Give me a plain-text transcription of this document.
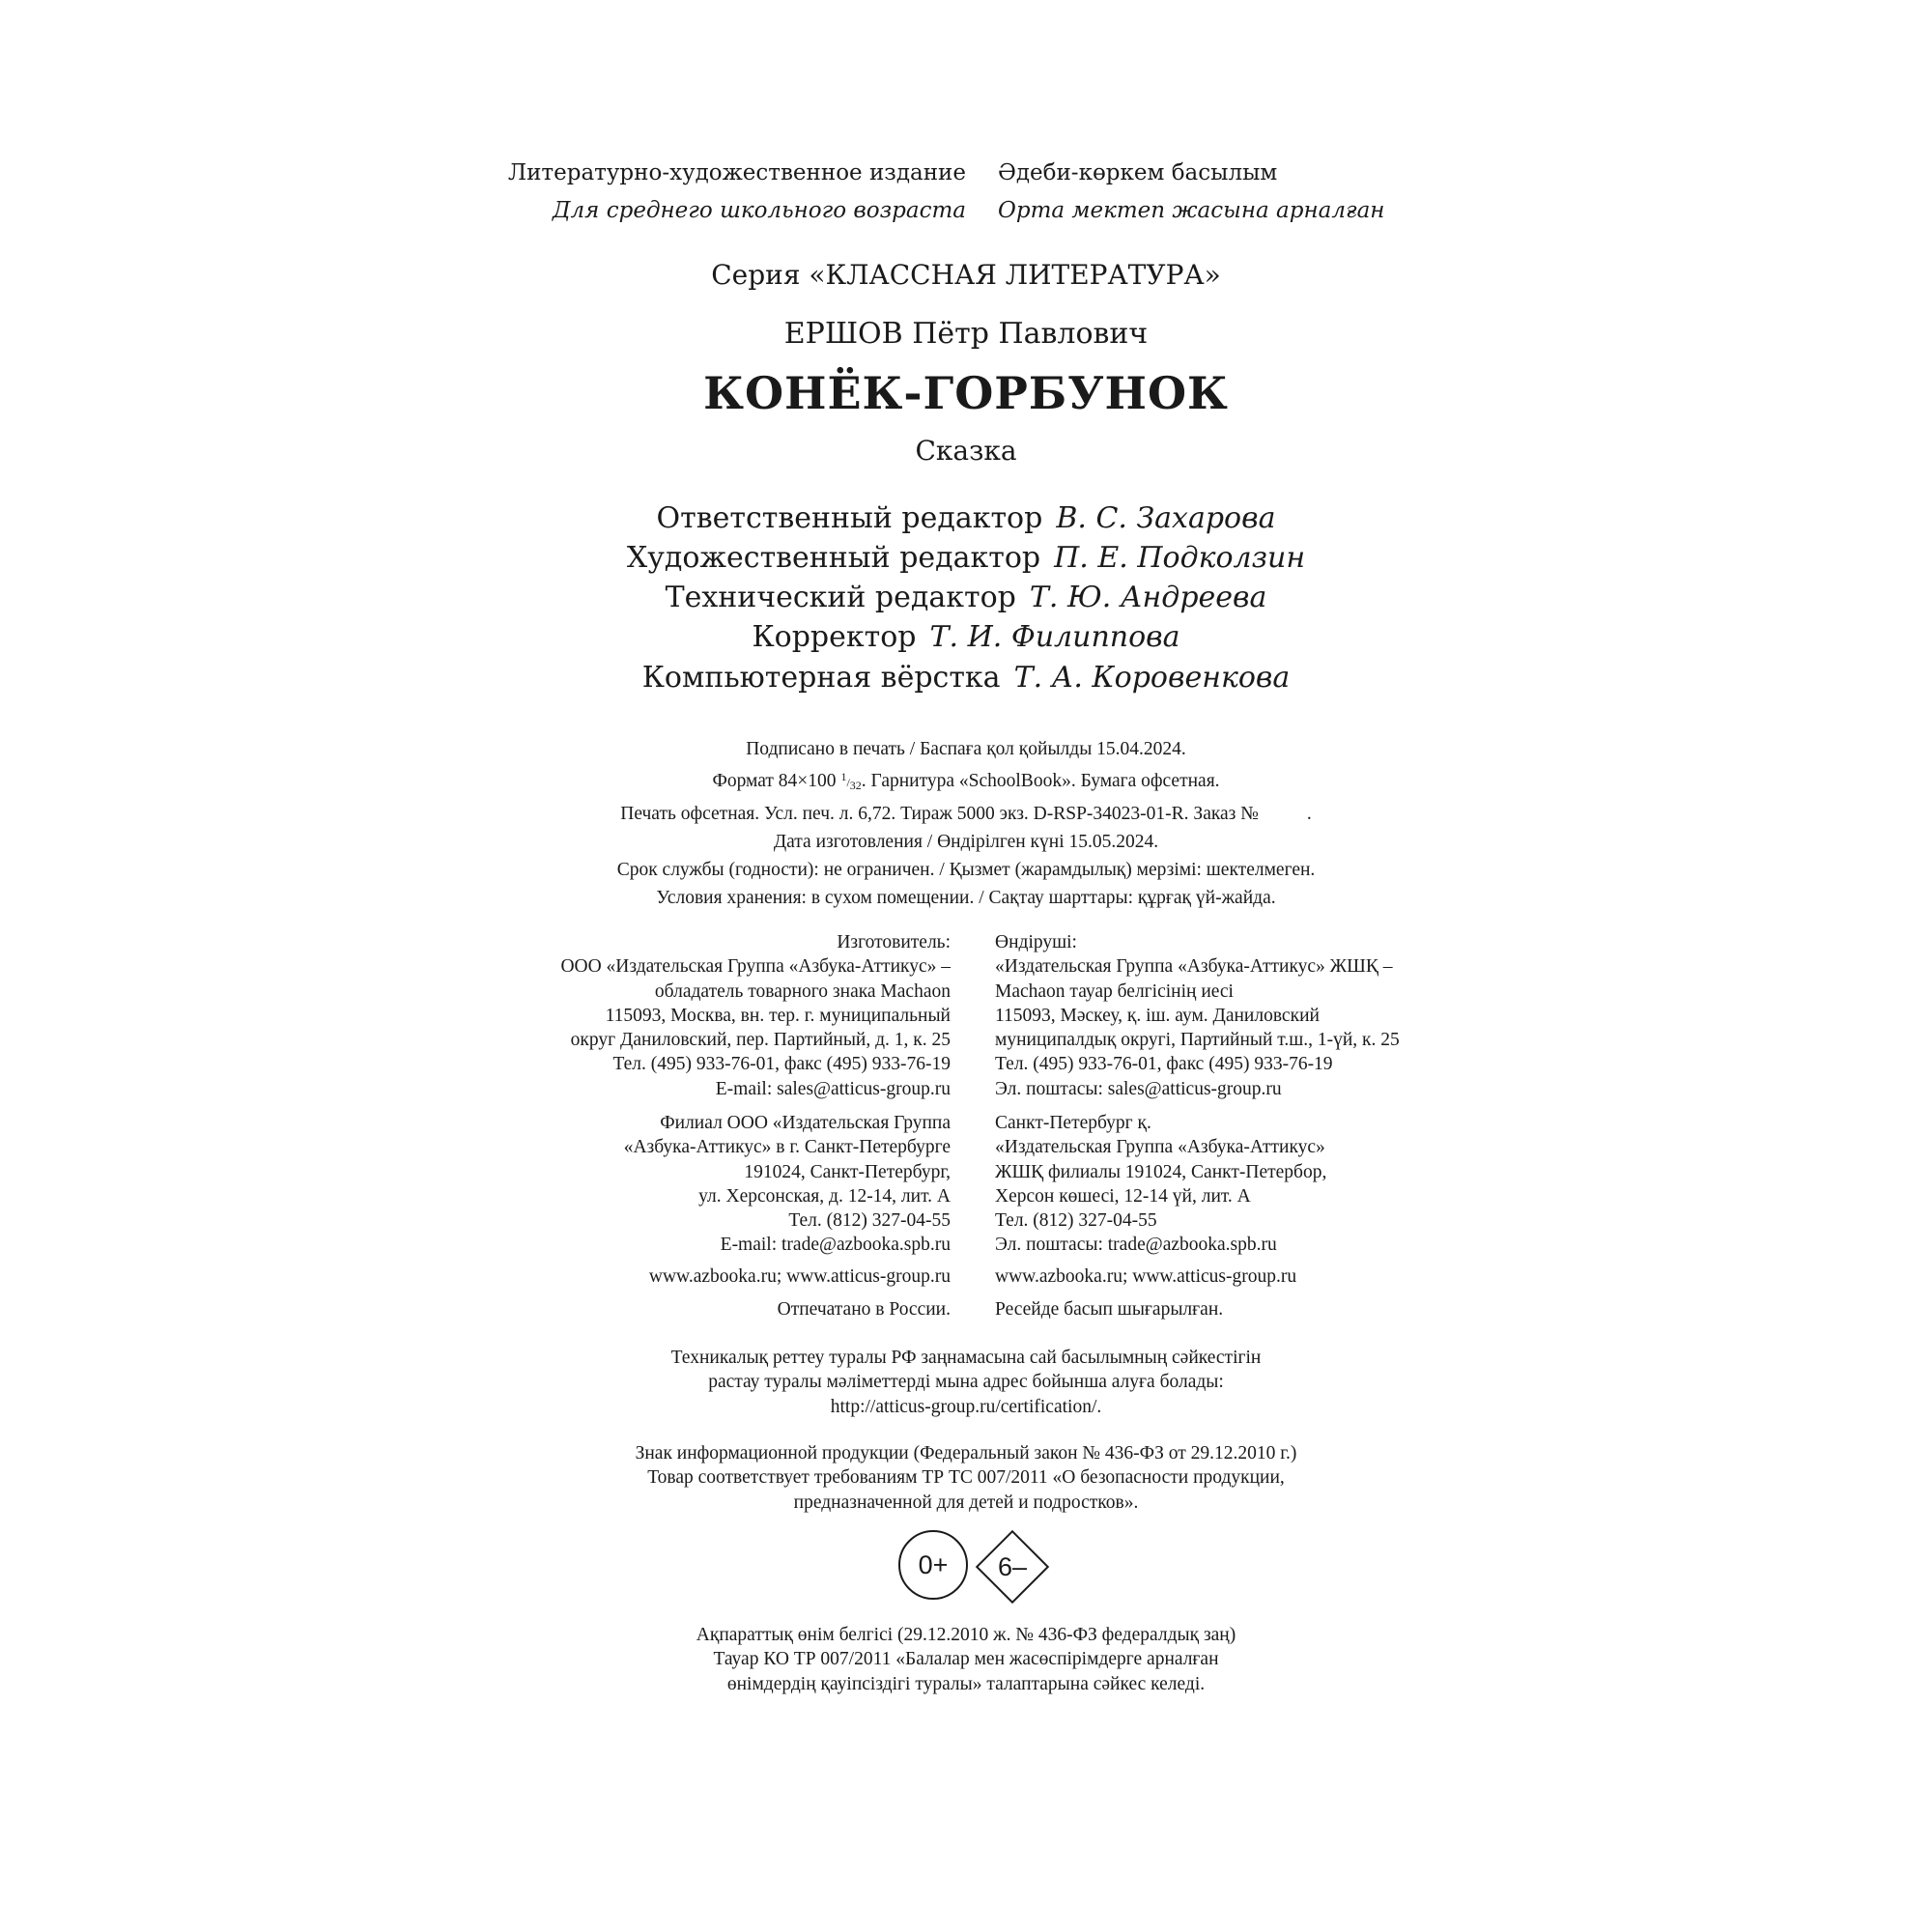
Литературно-художественное издание
Для среднего школьного возраста
Әдеби-көркем басылым
Орта мектеп жасына арналған
Серия «КЛАССНАЯ ЛИТЕРАТУРА»
ЕРШОВ Пётр Павлович
КОНЁК-ГОРБУНОК
Сказка
Ответственный редактор В. С. Захарова
Художественный редактор П. Е. Подколзин
Технический редактор Т. Ю. Андреева
Корректор Т. И. Филиппова
Компьютерная вёрстка Т. А. Коровенкова
Подписано в печать / Баспаға қол қойылды 15.04.2024.
Формат 84×100 $^1/_{32}$. Гарнитура «SchoolBook». Бумага офсетная.
Печать офсетная. Усл. печ. л. 6,72. Тираж 5000 экз. D-RSP-34023-01-R. Заказ №	.
Дата изготовления / Өндірілген күні 15.05.2024.
Срок службы (годности): не ограничен. / Қызмет (жарамдылық) мерзімі: шектелмеген.
Условия хранения: в сухом помещении. / Сақтау шарттары: құрғақ үй-жайда.
Изготовитель:
ООО «Издательская Группа «Азбука-Аттикус» –
обладатель товарного знака Machaon
115093, Москва, вн. тер. г. муниципальный
округ Даниловский, пер. Партийный, д. 1, к. 25
Тел. (495) 933-76-01, факс (495) 933-76-19
E-mail: sales@atticus-group.ru
Өндіруші:
«Издательская Группа «Азбука-Аттикус» ЖШҚ –
Machaon тауар белгісінің иесі
115093, Мәскеу, қ. іш. аум. Даниловский
муниципалдық округі, Партийный т.ш., 1-үй, к. 25
Тел. (495) 933-76-01, факс (495) 933-76-19
Эл. поштасы: sales@atticus-group.ru
Филиал ООО «Издательская Группа
«Азбука-Аттикус» в г. Санкт-Петербурге
191024, Санкт-Петербург,
ул. Херсонская, д. 12-14, лит. А
Тел. (812) 327-04-55
E-mail: trade@azbooka.spb.ru
Санкт-Петербург қ.
«Издательская Группа «Азбука-Аттикус»
ЖШҚ филиалы 191024, Санкт-Петербор,
Херсон көшесі, 12-14 үй, лит. А
Тел. (812) 327-04-55
Эл. поштасы: trade@azbooka.spb.ru
www.azbooka.ru; www.atticus-group.ru www.azbooka.ru; www.atticus-group.ru
Отпечатано в России. Ресейде басып шығарылған.
Техникалық реттеу туралы РФ заңнамасына сай басылымның сәйкестігін
растау туралы мәліметтерді мына адрес бойынша алуға болады:
http://atticus-group.ru/certification/.
Знак информационной продукции (Федеральный закон № 436-ФЗ от 29.12.2010 г.)
Товар соответствует требованиям ТР ТС 007/2011 «О безопасности продукции,
предназначенной для детей и подростков».
0+	6–
Ақпараттық өнім белгісі (29.12.2010 ж. № 436-ФЗ федералдық заң)
Тауар КО ТР 007/2011 «Балалар мен жасөспірімдерге арналған
өнімдердің қауіпсіздігі туралы» талаптарына сәйкес келеді.
